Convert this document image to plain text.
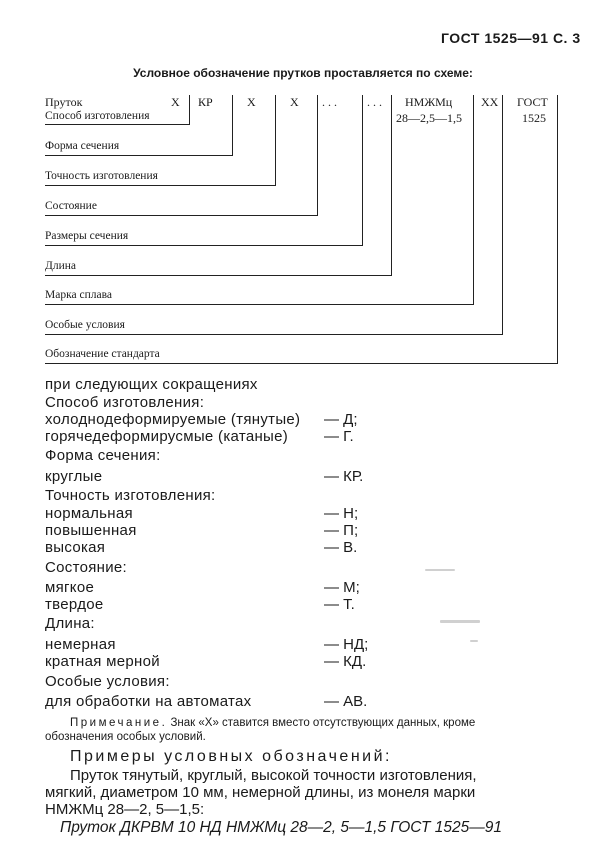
ГОСТ 1525—91 С. 3
Условное обозначение прутков проставляется по схеме:
Пруток	Х КР	Х	Х . . .	. . . НМЖМц ХХ ГОСТ
28—2,5—1,5	1525
Способ изготовления
Форма сечения
Точность изготовления
Состояние
Размеры сечения
Длина
Марка сплава
Особые условия
Обозначение стандарта
при следующих сокращениях
Способ изготовления:
холоднодеформируемые (тянутые) — Д;
горячедеформирусмые (катаные) — Г.
Форма сечения:
круглые	— КР.
Точность изготовления:
нормальная	— Н;
повышенная	— П;
высокая	— В.
Состояние:
мягкое	— М;
твердое	— Т.
Длина:
немерная	— НД;
кратная мерной	— КД.
Особые условия:
для обработки на автоматах	— АВ.
Примечание. Знак «Х» ставится вместо отсутствующих данных, кроме
обозначения особых условий.
Примеры условных обозначений:
Пруток тянутый, круглый, высокой точности изготовления,
мягкий, диаметром 10 мм, немерной длины, из монеля марки
НМЖМц 28—2, 5—1,5:
Пруток ДКРВМ 10 НД НМЖМц 28—2, 5—1,5 ГОСТ 1525—91
